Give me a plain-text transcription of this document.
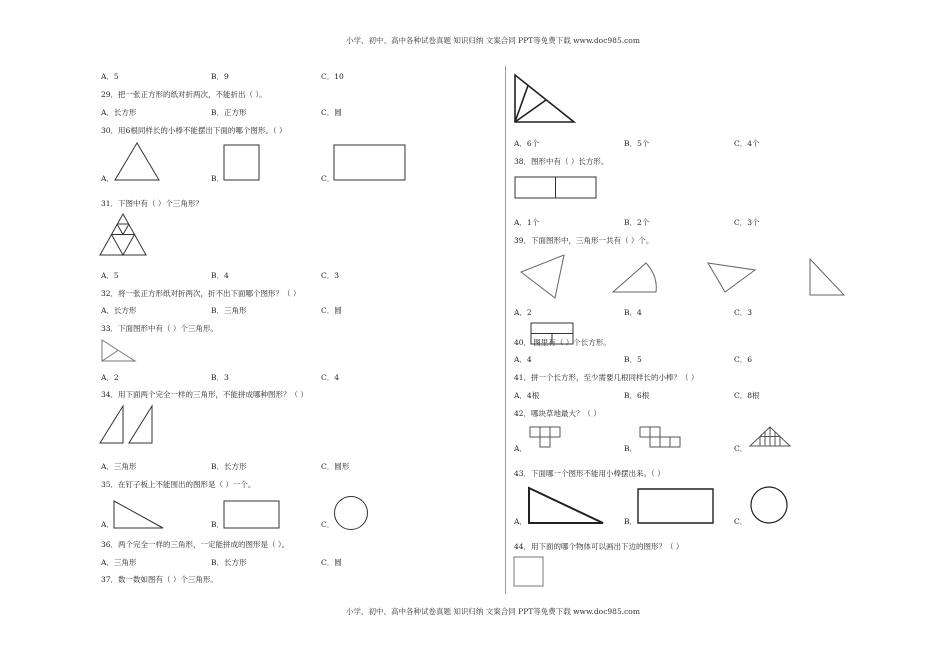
小学、初中、高中各种试卷真题 知识归纳 文案合同 PPT等免费下载 www.doc985.com
A．5	B．9	C．10
29．把一张正方形的纸对折两次，不能折出（ ）。
A．长方形	B．正方形	C．圆
30．用6根同样长的小棒不能摆出下面的哪个图形。（ ）
A．	B．	C．
31．下图中有（ ）个三角形？
A．5	B．4	C．3
32．将一张正方形纸对折两次，折不出下面哪个图形？（ ）
A．长方形	B．三角形	C．圆
33．下面图形中有（ ）个三角形。
A．2	B．3	C．4
34．用下面两个完全一样的三角形，不能拼成哪种图形？（ ）
A．三角形	B．长方形	C．圆形
35．在钉子板上不能围出的图形是（ ）一个。
A．	B．	C．
36．两个完全一样的三角形，一定能拼成的图形是（ ）。
A．三角形	B．长方形	C．圆
37．数一数如图有（ ）个三角形。
A．6个	B．5个	C．4个
38．图形中有（ ）长方形。
A．1个	B．2个	C．3个
39．下面图形中，三角形一共有（ ）个。
A．2	B．4	C．3
40． 图里有（ ）个长方形。
A．4	B．5	C．6
41．拼一个长方形，至少需要几根同样长的小棒？（ ）
A．4根	B．6根	C．8根
42．哪块草地最大？（ ）
A．	B．	C．
43．下面哪一个图形不能用小棒摆出来。（ ）
A．	B．	C．
44．用下面的哪个物体可以画出下边的图形？（ ）
小学、初中、高中各种试卷真题 知识归纳 文案合同 PPT等免费下载 www.doc985.com
